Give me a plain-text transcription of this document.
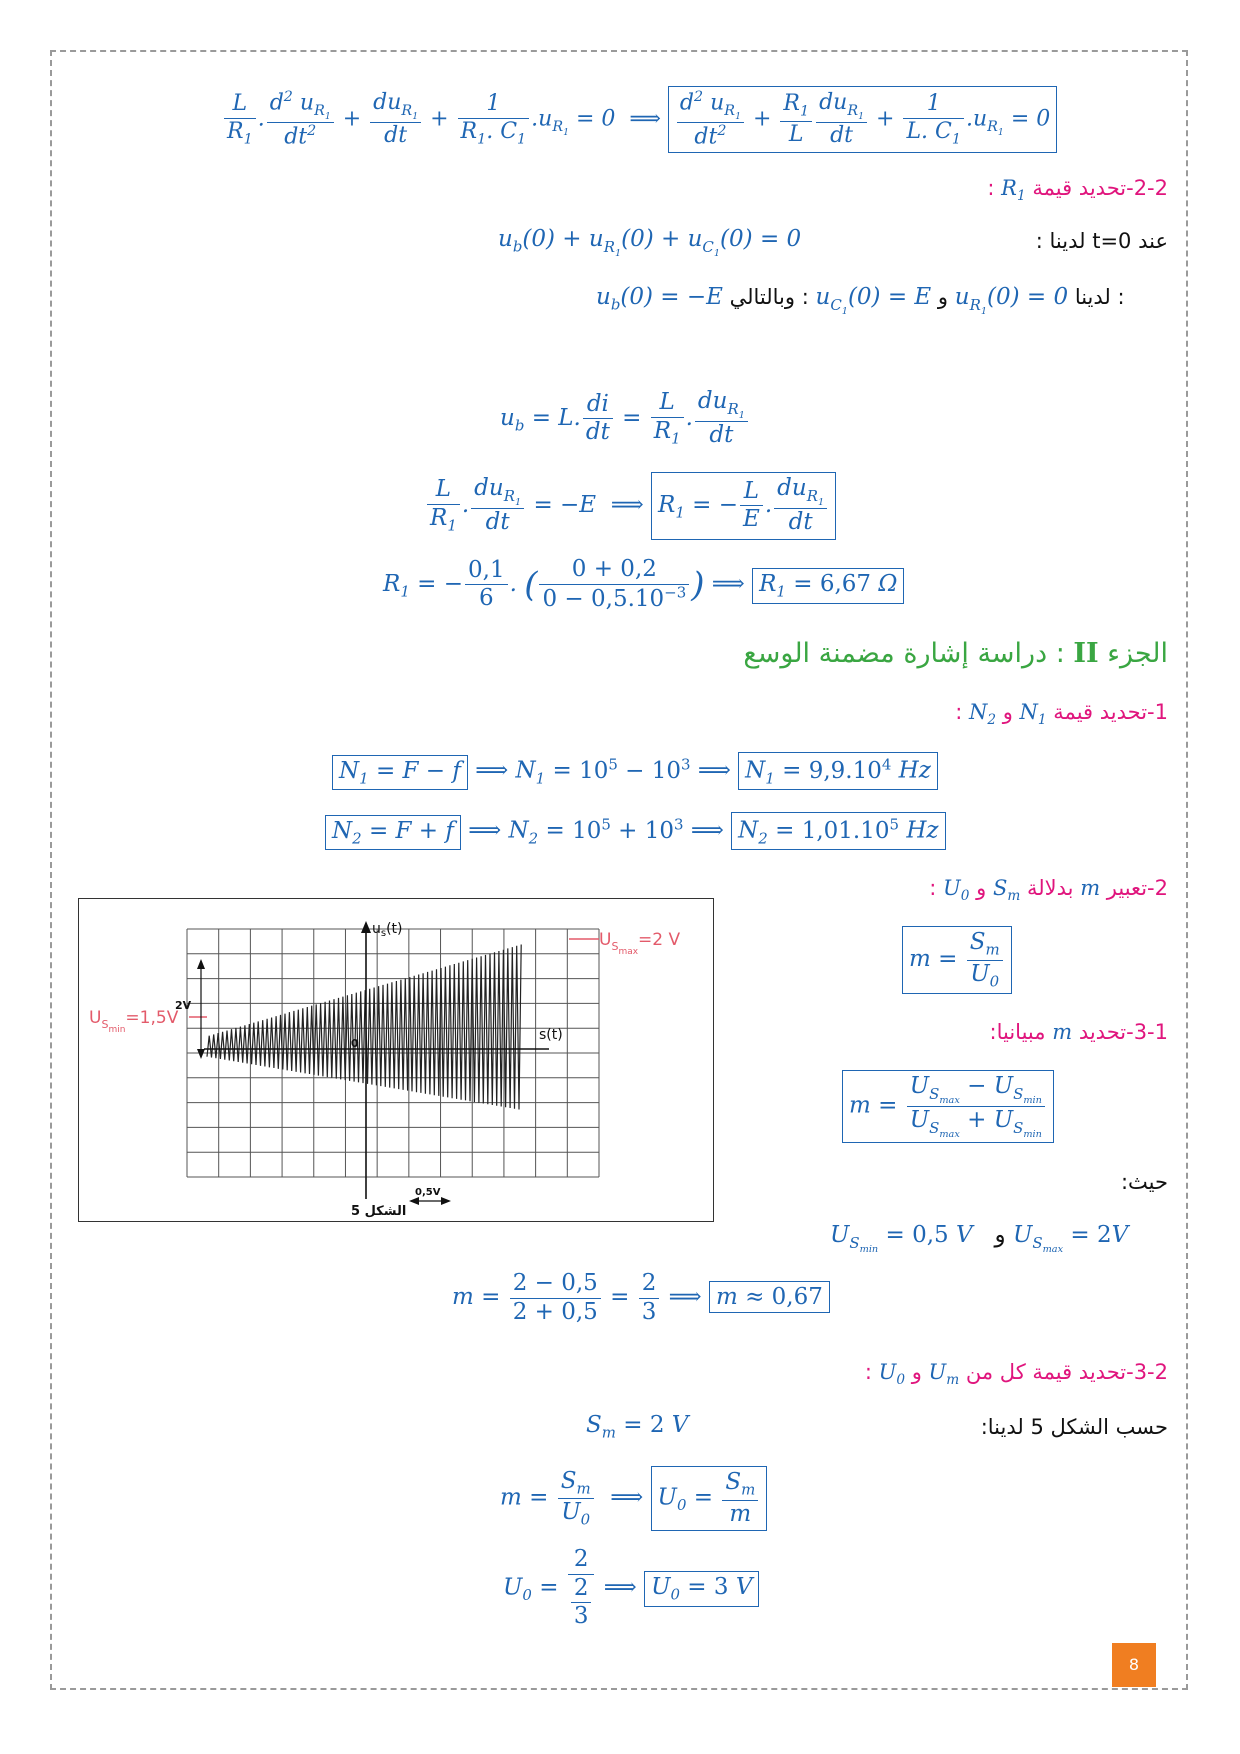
$\frac{L}{R_1}$ . $\frac{d^2 u_{R_1}}{dt^2} + \frac{du_{R_1}}{dt} + \frac{1}{R_1. C_1} .u_{R_1} = 0$  ⟹ $\frac{d^2 u_{R_1}}{dt^2} + \frac{R_1}{L} \frac{du_{R_1}}{dt} + \frac{1}{L. C_1} .u_{R_1} = 0$
2-2-تحديد قيمة $R_1$ :
عند t=0 لدينا :
$u_b(0) + u_{R_1}(0) + u_{C_1}(0) = 0$
$u_b(0) = -E$ وبالتالي : $u_{C_1}(0) = E$ و $u_{R_1}(0) = 0$ لدينا :
$u_b = L$. $\frac{di}{dt} = \frac{L}{R_1}$ . $\frac{du_{R_1}}{dt}$
$\frac{L}{R_1}$ . $\frac{du_{R_1}}{dt} = -E$  ⟹ $R_1$ = − $\frac{L}{E}$ . $\frac{du_{R_1}}{dt}$
$R_1$ = − $\frac{0,1}{6}$ . ( $\frac{0 + 0,2}{0 - 0,5.10^{-3}}$ ) ⟹ $R_1 = 6,67$ Ω
الجزء II : دراسة إشارة مضمنة الوسع
1-تحديد قيمة $N_1$ و $N_2$ :
$N_1 = F - f$ ⟹ $N_1 = 10^5 - 10^3$ ⟹ $N_1 = 9,9.10^4$ Hz
$N_2 = F + f$ ⟹ $N_2 = 10^5 + 10^3$ ⟹ $N_2 = 1,01.10^5$ Hz
2-تعبير m بدلالة $S_m$ و $U_0$ :
$m = \frac{S_m}{U_0}$
3-1-تحديد m مبيانيا:
$m = \frac{U_{S_{max}} - U_{S_{min}}}{U_{S_{max}} + U_{S_{min}}}$
حيث:
$U_{S_{min}} = 0,5$ V   و $U_{S_{max}} = 2V$
$m = \frac{2 - 0,5}{2 + 0,5} = \frac{2}{3}$ ⟹ m ≈ 0,67
3-2-تحديد قيمة كل من $U_m$ و $U_0$ :
حسب الشكل 5 لدينا:
$S_m = 2$ V
$m = \frac{S_m}{U_0}$ ⟹ $U_0 = \frac{S_m}{m}$
$U_0 = \frac{2}{\frac{2}{3}}$ ⟹ $U_0 = 3$ V
$u_s(t)$
s(t)
0
2V
0,5V
الشكل 5
$U_{Smax}=2$ V
$U_{Smin}=1,5V$
8
